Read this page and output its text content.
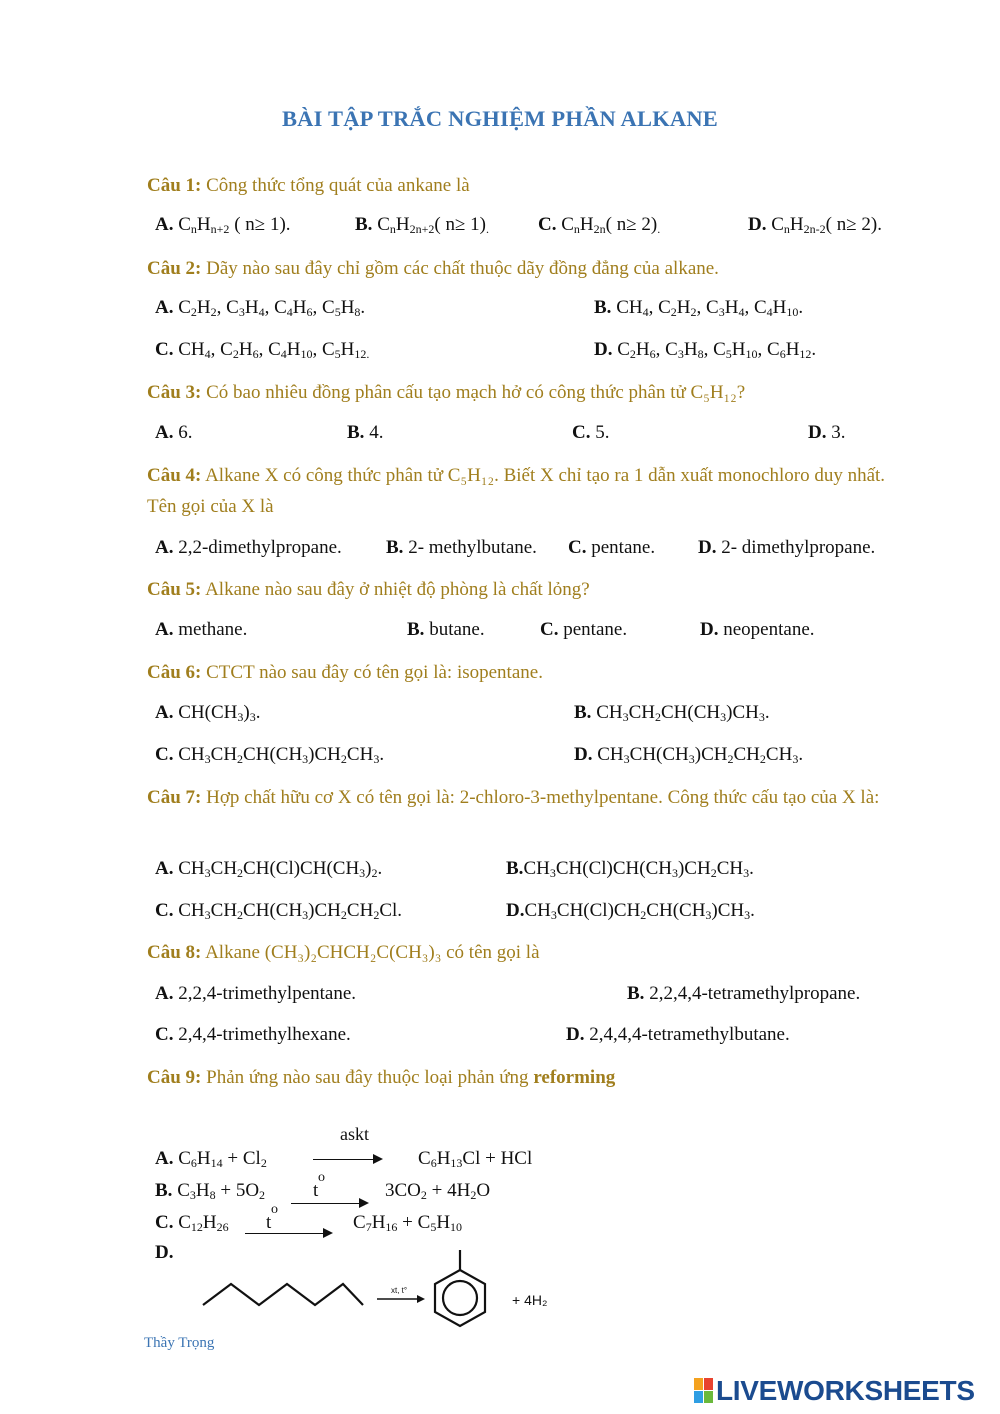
BÀI TẬP TRẮC NGHIỆM PHẦN ALKANE
Câu 1: Công thức tổng quát của ankane là
A. $C_nH_{n+2}$ ( n≥ 1).	B. $C_nH_{2n+2}$( $n\ge 1)_.$	C. $C_nH_{2n}$( $n\ge 2)_.$	D. $C_nH_{2n-2}$( n≥ 2).
Câu 2: Dãy nào sau đây chỉ gồm các chất thuộc dãy đồng đẳng của alkane.
A. $C_2H_2$, $C_3H_4$, $C_4H_6$, $C_5H_8$.	B. $CH_4$, $C_2H_2$, $C_3H_4$, $C_4H_{10}$.
C. $CH_4$, $C_2H_6$, $C_4H_{10}$, $C_5H_{12.}$	D. $C_2H_6$, $C_3H_8$, $C_5H_{10}$, $C_6H_{12}$.
Câu 3: Có bao nhiêu đồng phân cấu tạo mạch hở có công thức phân tử C₅H₁₂?
A. 6.	B. 4.	C. 5.	D. 3.
Câu 4: Alkane X có công thức phân tử C₅H₁₂. Biết X chỉ tạo ra 1 dẫn xuất monochloro duy nhất. Tên gọi của X là
A. 2,2-dimethylpropane. B. 2- methylbutane. C. pentane. D. 2- dimethylpropane.
Câu 5: Alkane nào sau đây ở nhiệt độ phòng là chất lỏng?
A. methane.	B. butane.	C. pentane.	D. neopentane.
Câu 6: CTCT nào sau đây có tên gọi là: isopentane.
A. $CH(CH_3)_3$.	B. $CH_3CH_2CH(CH_3)CH_3$.
C. $CH_3CH_2CH(CH_3)CH_2CH_3$.	D. $CH_3CH(CH_3)CH_2CH_2CH_3$.
Câu 7: Hợp chất hữu cơ X có tên gọi là: 2-chloro-3-methylpentane. Công thức cấu tạo của X là:
A. $CH_3CH_2CH(Cl)CH(CH_3)_2$.	$B.CH_3CH(Cl)CH(CH_3)CH_2CH_3$.
C. $CH_3CH_2CH(CH_3)CH_2CH_2Cl$.	$D.CH_3CH(Cl)CH_2CH(CH_3)CH_3$.
Câu 8: Alkane (CH₃)₂CHCH₂C(CH₃)₃ có tên gọi là
A. 2,2,4-trimethylpentane.	B. 2,2,4,4-tetramethylpropane.
C. 2,4,4-trimethylhexane.	D. 2,4,4,4-tetramethylbutane.
Câu 9: Phản ứng nào sau đây thuộc loại phản ứng reforming
askt
A. $C_6H_{14} + Cl_2$	$C_6H_{13}Cl$ + HCl
o
B. $C_3H_8 + 5O_2$	t	$3CO_2 + 4H_2O$
o
C. $C_{12}H_{26}$ t	$C_7H_{16} + C_5H_{10}$
D.
xt, t°
+ 4H₂
Thầy Trọng
LIVEWORKSHEETS
